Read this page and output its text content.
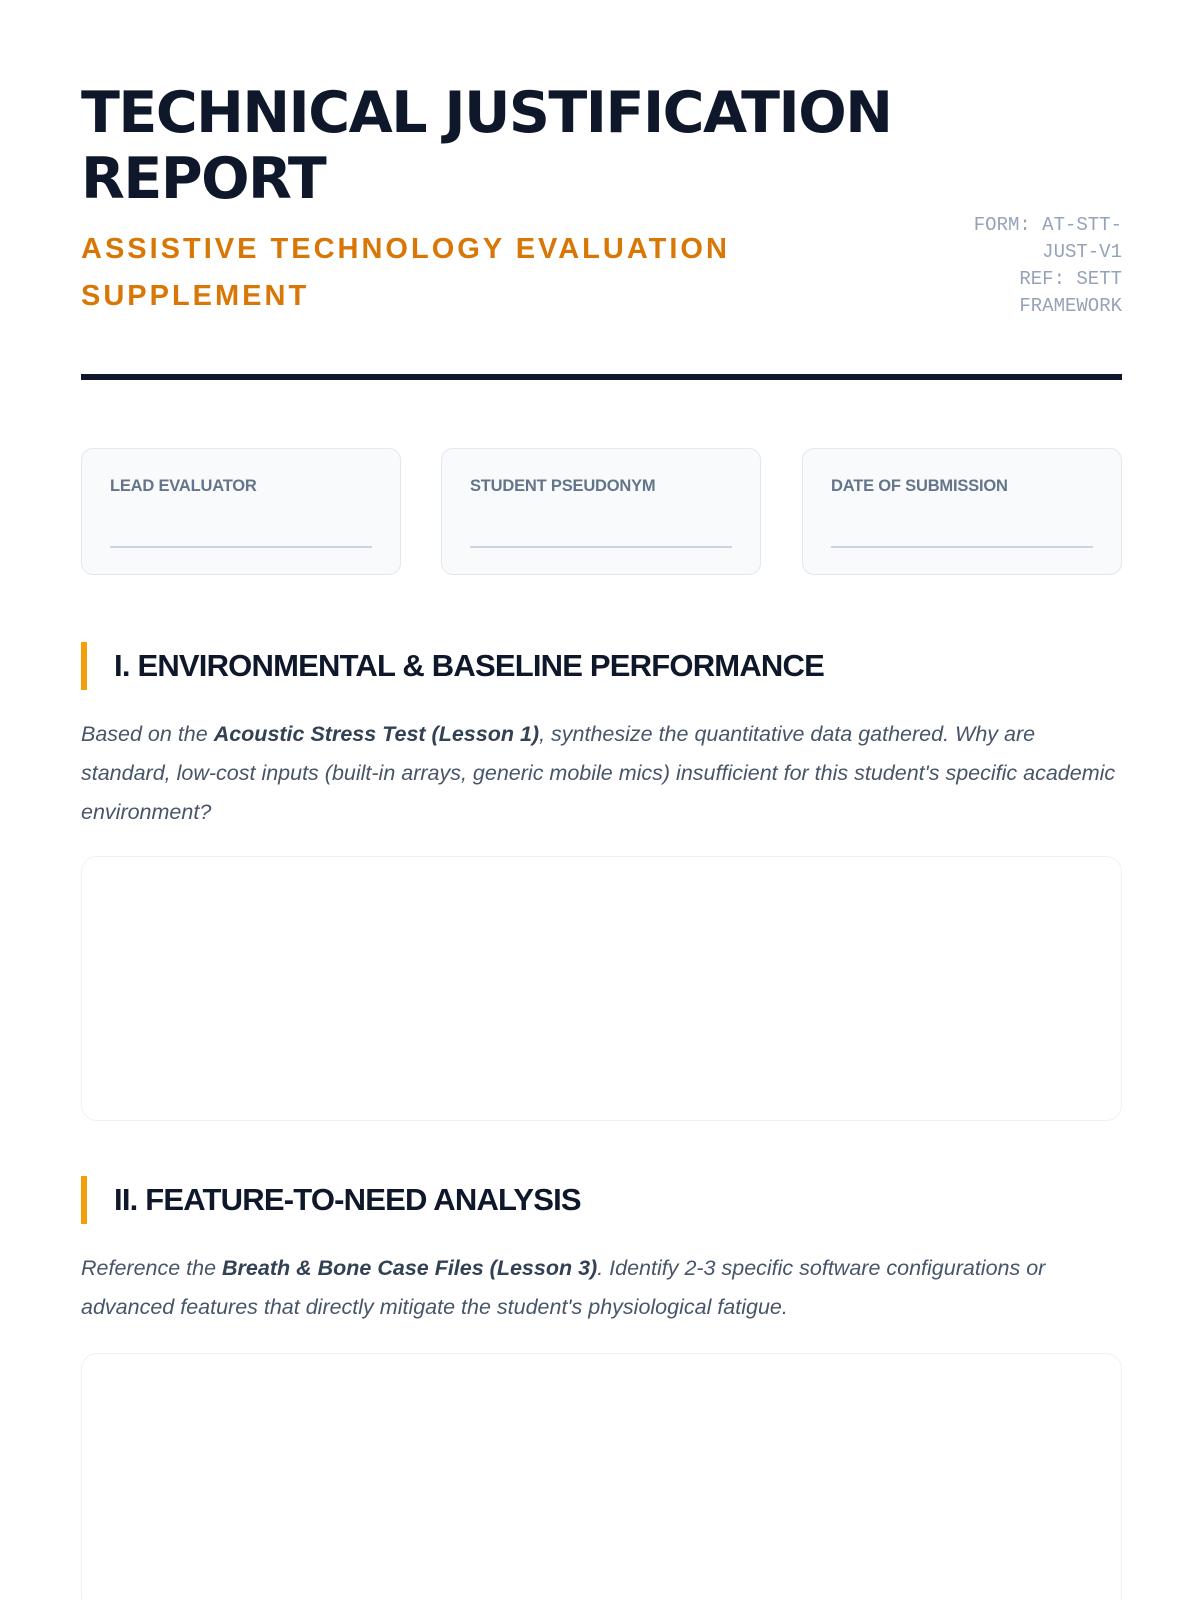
TECHNICAL JUSTIFICATION REPORT
ASSISTIVE TECHNOLOGY EVALUATION SUPPLEMENT
FORM: AT-STT-JUST-V1
REF: SETT FRAMEWORK
LEAD EVALUATOR	STUDENT PSEUDONYM	DATE OF SUBMISSION
I. ENVIRONMENTAL & BASELINE PERFORMANCE

Based on the Acoustic Stress Test (Lesson 1), synthesize the quantitative data gathered. Why are standard, low-cost inputs (built-in arrays, generic mobile mics) insufficient for this student's specific academic environment?

II. FEATURE-TO-NEED ANALYSIS

Reference the Breath & Bone Case Files (Lesson 3). Identify 2-3 specific software configurations or advanced features that directly mitigate the student's physiological fatigue.
